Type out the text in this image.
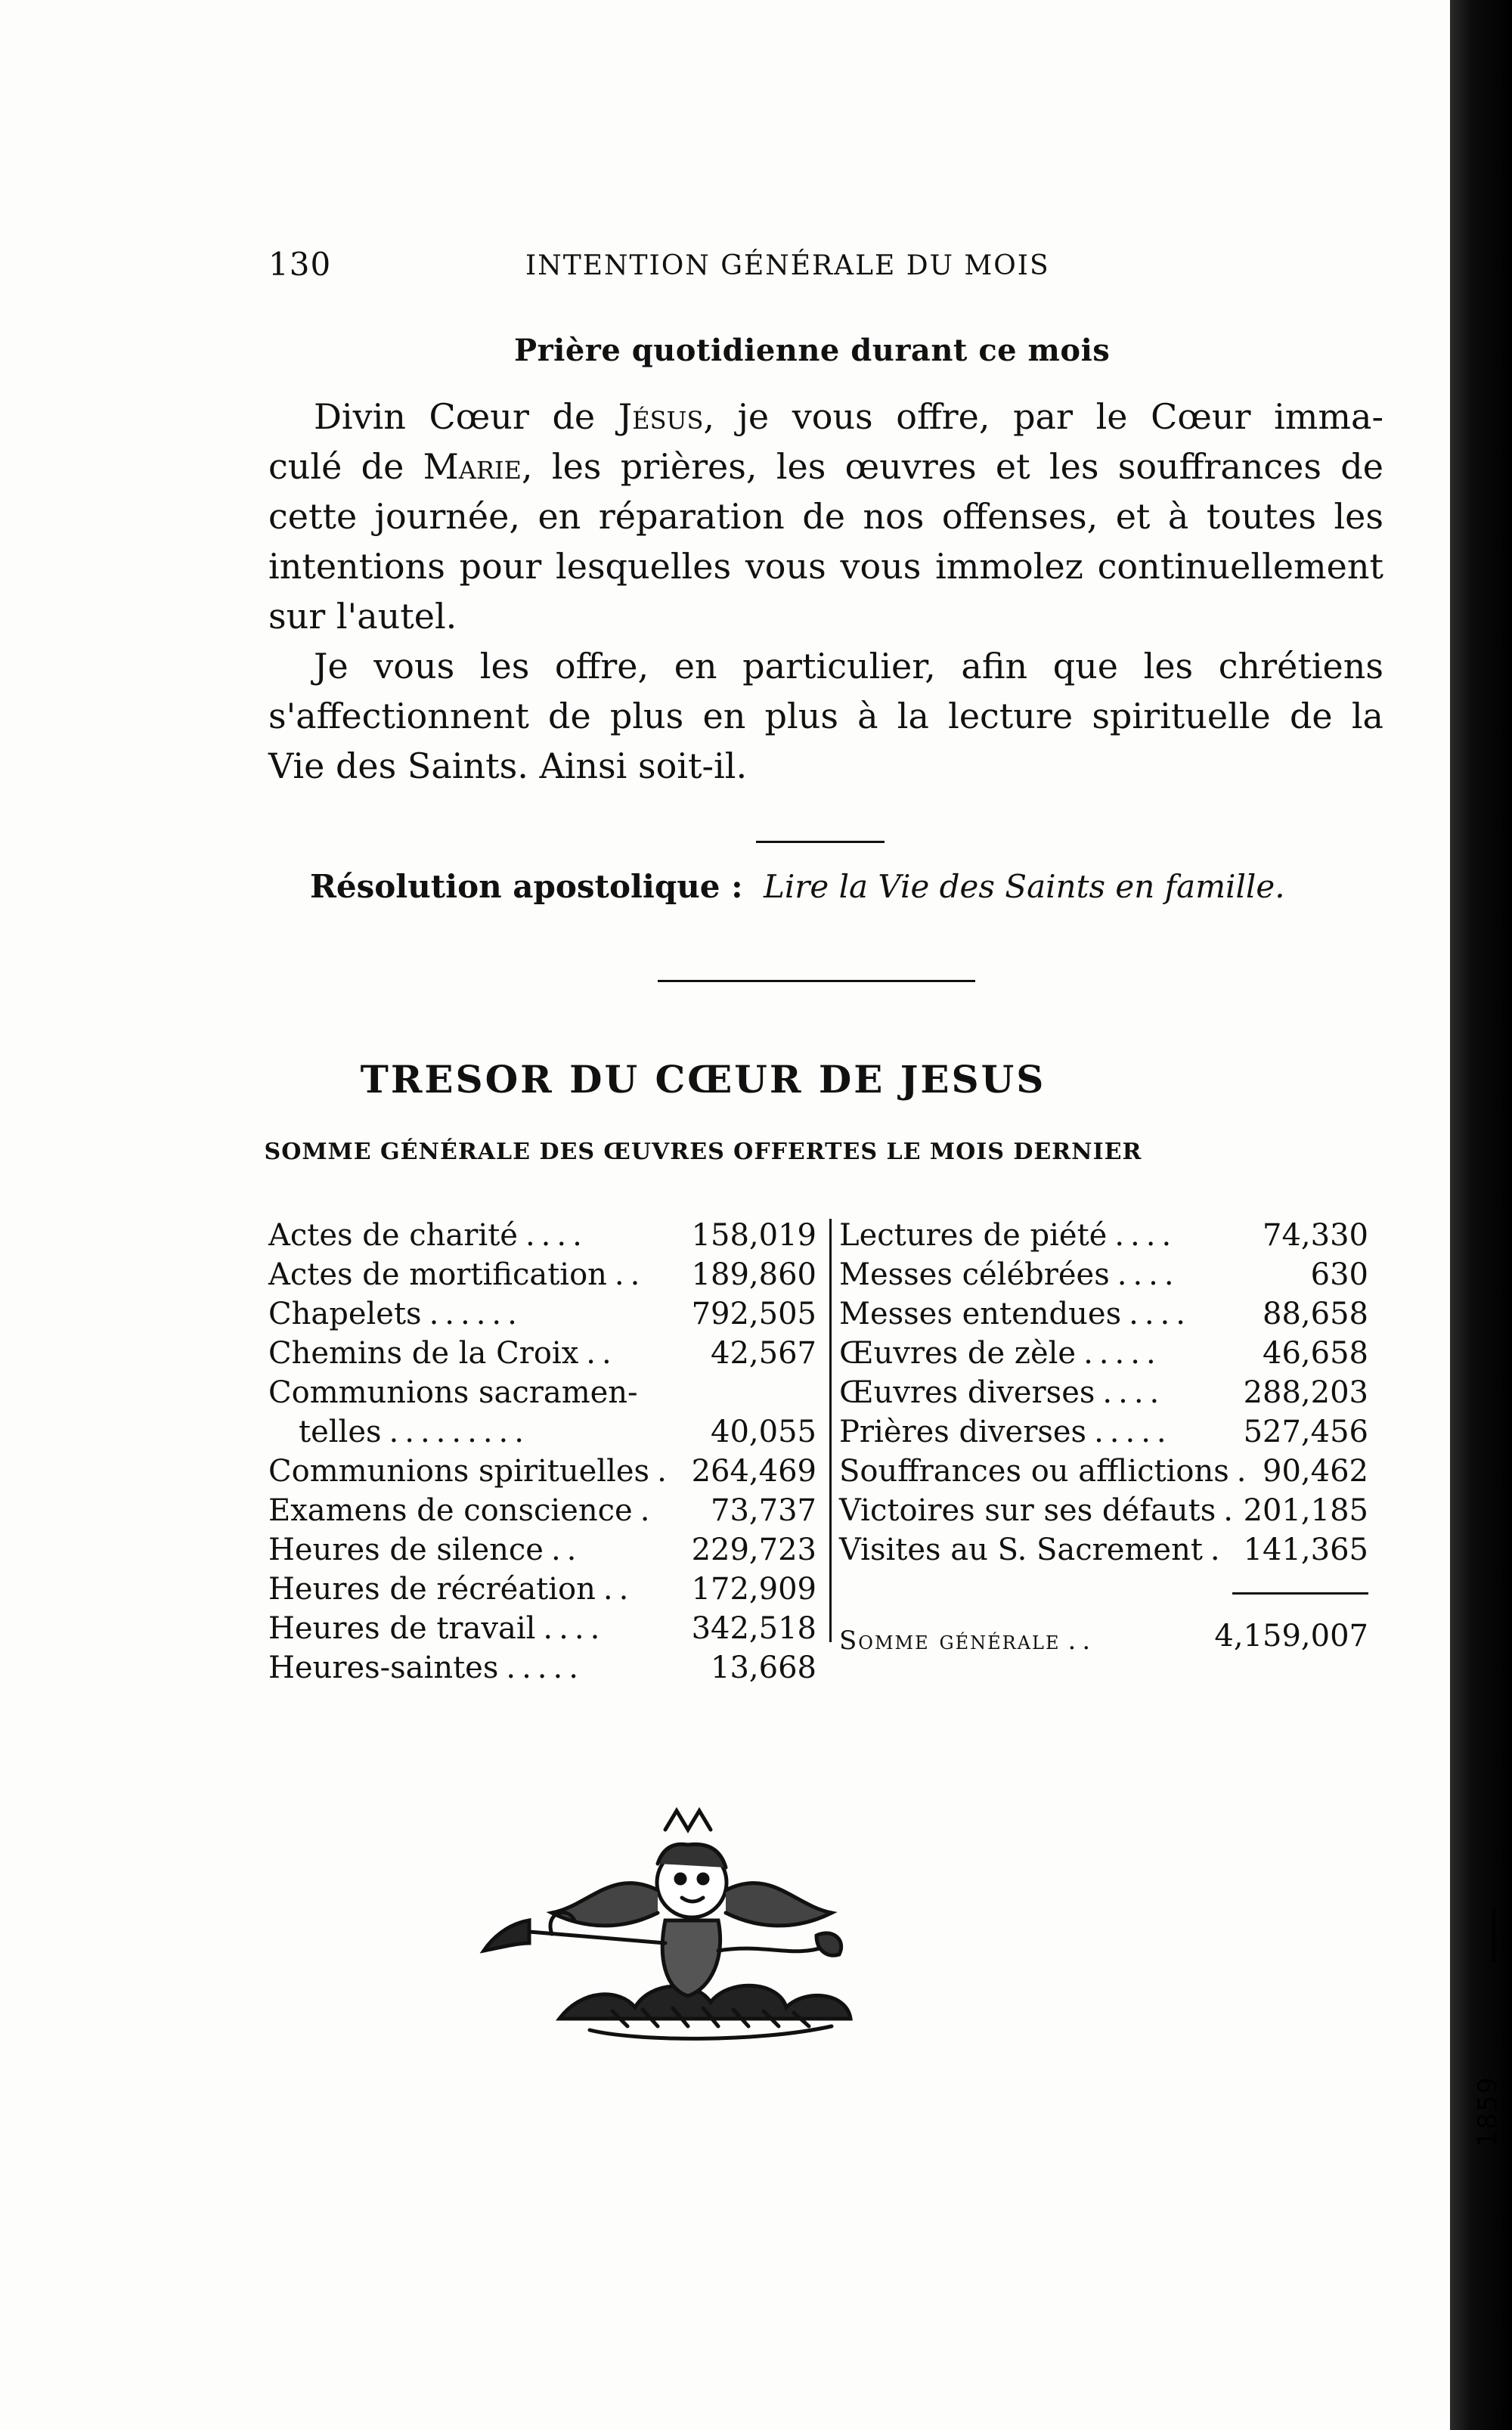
1859
130	INTENTION GÉNÉRALE DU MOIS
Prière quotidienne durant ce mois
Divin Cœur de Jésus, je vous offre, par le Cœur imma-
culé de Marie, les prières, les œuvres et les souffrances de
cette journée, en réparation de nos offenses, et à toutes les
intentions pour lesquelles vous vous immolez continuellement
sur l'autel.
Je vous les offre, en particulier, afin que les chrétiens
s'affectionnent de plus en plus à la lecture spirituelle de la
Vie des Saints. Ainsi soit-il.
Résolution apostolique : Lire la Vie des Saints en famille.
TRESOR DU CŒUR DE JESUS
SOMME GÉNÉRALE DES ŒUVRES OFFERTES LE MOIS DERNIER
Actes de charité ....	158,019
Actes de mortification .. 189,860
Chapelets ......	792,505
Chemins de la Croix ..	42,567
Communions sacramen-
telles .........	40,055
Communions spirituelles . 264,469
Examens de conscience . 73,737
Heures de silence ..	229,723
Heures de récréation .. 172,909
Heures de travail ....	342,518
Heures-saintes .....	13,668
Lectures de piété ....	74,330
Messes célébrées ....	630
Messes entendues .... 88,658
Œuvres de zèle .....	46,658
Œuvres diverses ....	288,203
Prières diverses ..... 527,456
Souffrances ou afflictions . 90,462
Victoires sur ses défauts . 201,185
Visites au S. Sacrement . 141,365
Somme générale ..	4,159,007
